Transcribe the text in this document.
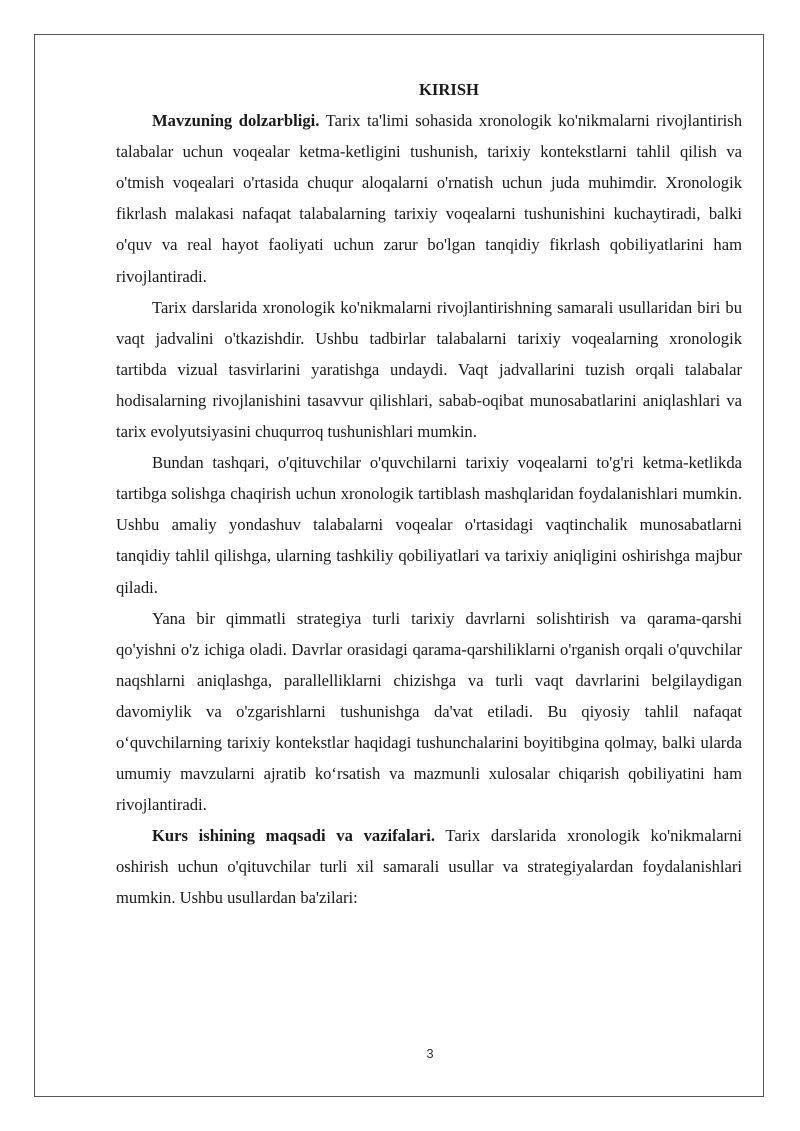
KIRISH

Mavzuning dolzarbligi. Tarix ta'limi sohasida xronologik ko'nikmalarni rivojlantirish talabalar uchun voqealar ketma-ketligini tushunish, tarixiy kontekstlarni tahlil qilish va o'tmish voqealari o'rtasida chuqur aloqalarni o'rnatish uchun juda muhimdir. Xronologik fikrlash malakasi nafaqat talabalarning tarixiy voqealarni tushunishini kuchaytiradi, balki o'quv va real hayot faoliyati uchun zarur bo'lgan tanqidiy fikrlash qobiliyatlarini ham rivojlantiradi.

Tarix darslarida xronologik ko'nikmalarni rivojlantirishning samarali usullaridan biri bu vaqt jadvalini o'tkazishdir. Ushbu tadbirlar talabalarni tarixiy voqealarning xronologik tartibda vizual tasvirlarini yaratishga undaydi. Vaqt jadvallarini tuzish orqali talabalar hodisalarning rivojlanishini tasavvur qilishlari, sabab-oqibat munosabatlarini aniqlashlari va tarix evolyutsiyasini chuqurroq tushunishlari mumkin.

Bundan tashqari, o'qituvchilar o'quvchilarni tarixiy voqealarni to'g'ri ketma-ketlikda tartibga solishga chaqirish uchun xronologik tartiblash mashqlaridan foydalanishlari mumkin. Ushbu amaliy yondashuv talabalarni voqealar o'rtasidagi vaqtinchalik munosabatlarni tanqidiy tahlil qilishga, ularning tashkiliy qobiliyatlari va tarixiy aniqligini oshirishga majbur qiladi.

Yana bir qimmatli strategiya turli tarixiy davrlarni solishtirish va qarama-qarshi qo'yishni o'z ichiga oladi. Davrlar orasidagi qarama-qarshiliklarni o'rganish orqali o'quvchilar naqshlarni aniqlashga, parallelliklarni chizishga va turli vaqt davrlarini belgilaydigan davomiylik va o'zgarishlarni tushunishga da'vat etiladi. Bu qiyosiy tahlil nafaqat o‘quvchilarning tarixiy kontekstlar haqidagi tushunchalarini boyitibgina qolmay, balki ularda umumiy mavzularni ajratib ko‘rsatish va mazmunli xulosalar chiqarish qobiliyatini ham rivojlantiradi.

Kurs ishining maqsadi va vazifalari. Tarix darslarida xronologik ko'nikmalarni oshirish uchun o'qituvchilar turli xil samarali usullar va strategiyalardan foydalanishlari mumkin. Ushbu usullardan ba'zilari:

3
